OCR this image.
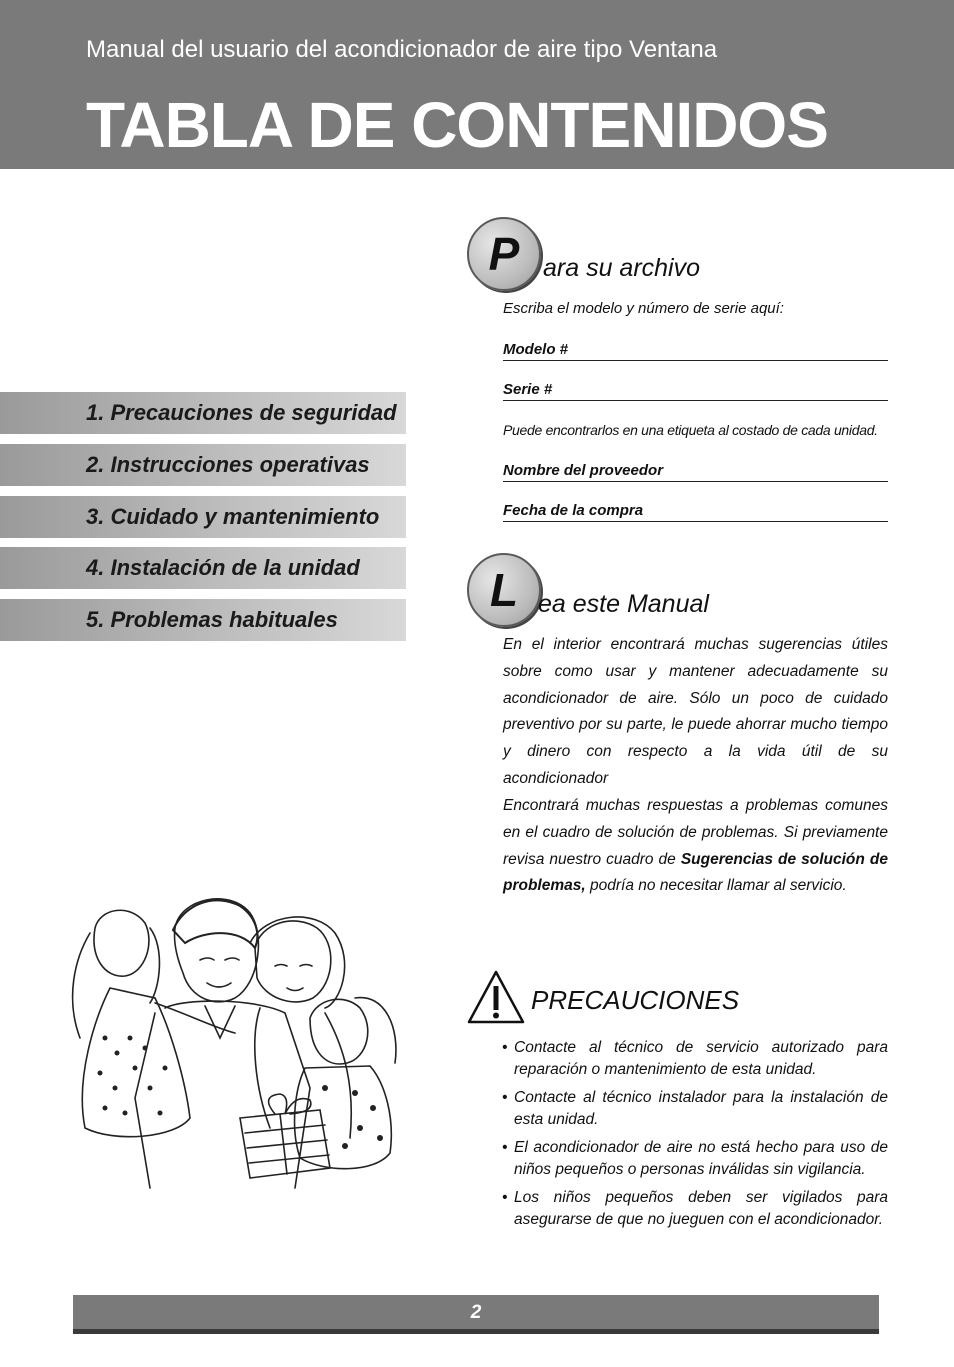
Manual del usuario del acondicionador de aire tipo Ventana
TABLA DE CONTENIDOS
1. Precauciones de seguridad
2. Instrucciones operativas
3. Cuidado y mantenimiento
4. Instalación de la unidad
5. Problemas habituales
P ara su archivo
Escriba el modelo y número de serie aquí:
Modelo #
Serie #
Puede encontrarlos en una etiqueta al costado de cada unidad.
Nombre del proveedor
Fecha de la compra
L ea este Manual
En el interior encontrará muchas sugerencias útiles sobre como usar y mantener adecuadamente su acondicionador de aire. Sólo un poco de cuidado preventivo por su parte, le puede ahorrar mucho tiempo y dinero con respecto a la vida útil de su acondicionador
Encontrará muchas respuestas a problemas comunes en el cuadro de solución de problemas. Si previamente revisa nuestro cuadro de Sugerencias de solución de problemas, podría no necesitar llamar al servicio.
PRECAUCIONES
• Contacte al técnico de servicio autorizado para reparación o mantenimiento de esta unidad.
• Contacte al técnico instalador para la instalación de esta unidad.
• El acondicionador de aire no está hecho para uso de niños pequeños o personas inválidas sin vigilancia.
• Los niños pequeños deben ser vigilados para asegurarse de que no jueguen con el acondicionador.
2
